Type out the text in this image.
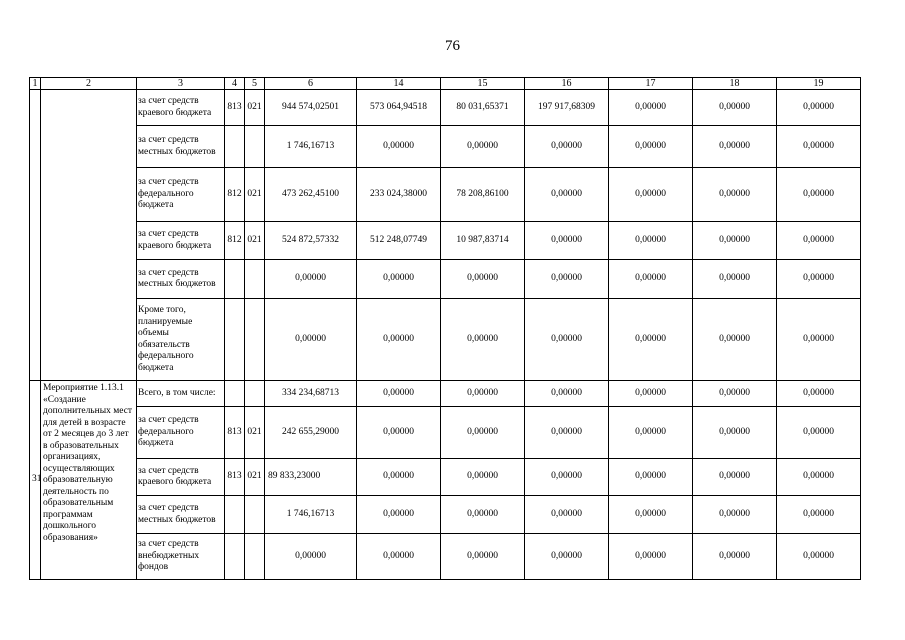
76
1	2	3	4	5	6	14	15	16	17	18	19
		за счет средств краевого бюджета	813	021	944 574,02501	573 064,94518	80 031,65371	197 917,68309	0,00000	0,00000	0,00000
		за счет средств местных бюджетов			1 746,16713	0,00000	0,00000	0,00000	0,00000	0,00000	0,00000
		за счет средств федерального бюджета	812	021	473 262,45100	233 024,38000	78 208,86100	0,00000	0,00000	0,00000	0,00000
		за счет средств краевого бюджета	812	021	524 872,57332	512 248,07749	10 987,83714	0,00000	0,00000	0,00000	0,00000
		за счет средств местных бюджетов			0,00000	0,00000	0,00000	0,00000	0,00000	0,00000	0,00000
		Кроме того, планируемые объемы обязательств федерального бюджета			0,00000	0,00000	0,00000	0,00000	0,00000	0,00000	0,00000
31	Мероприятие 1.13.1 «Создание дополнительных мест для детей в возрасте от 2 месяцев до 3 лет в образовательных организациях, осуществляющих образовательную деятельность по образовательным программам дошкольного образования»	Всего, в том числе:			334 234,68713	0,00000	0,00000	0,00000	0,00000	0,00000	0,00000
		за счет средств федерального бюджета	813	021	242 655,29000	0,00000	0,00000	0,00000	0,00000	0,00000	0,00000
		за счет средств краевого бюджета	813	021	89 833,23000	0,00000	0,00000	0,00000	0,00000	0,00000	0,00000
		за счет средств местных бюджетов			1 746,16713	0,00000	0,00000	0,00000	0,00000	0,00000	0,00000
		за счет средств внебюджетных фондов			0,00000	0,00000	0,00000	0,00000	0,00000	0,00000	0,00000
